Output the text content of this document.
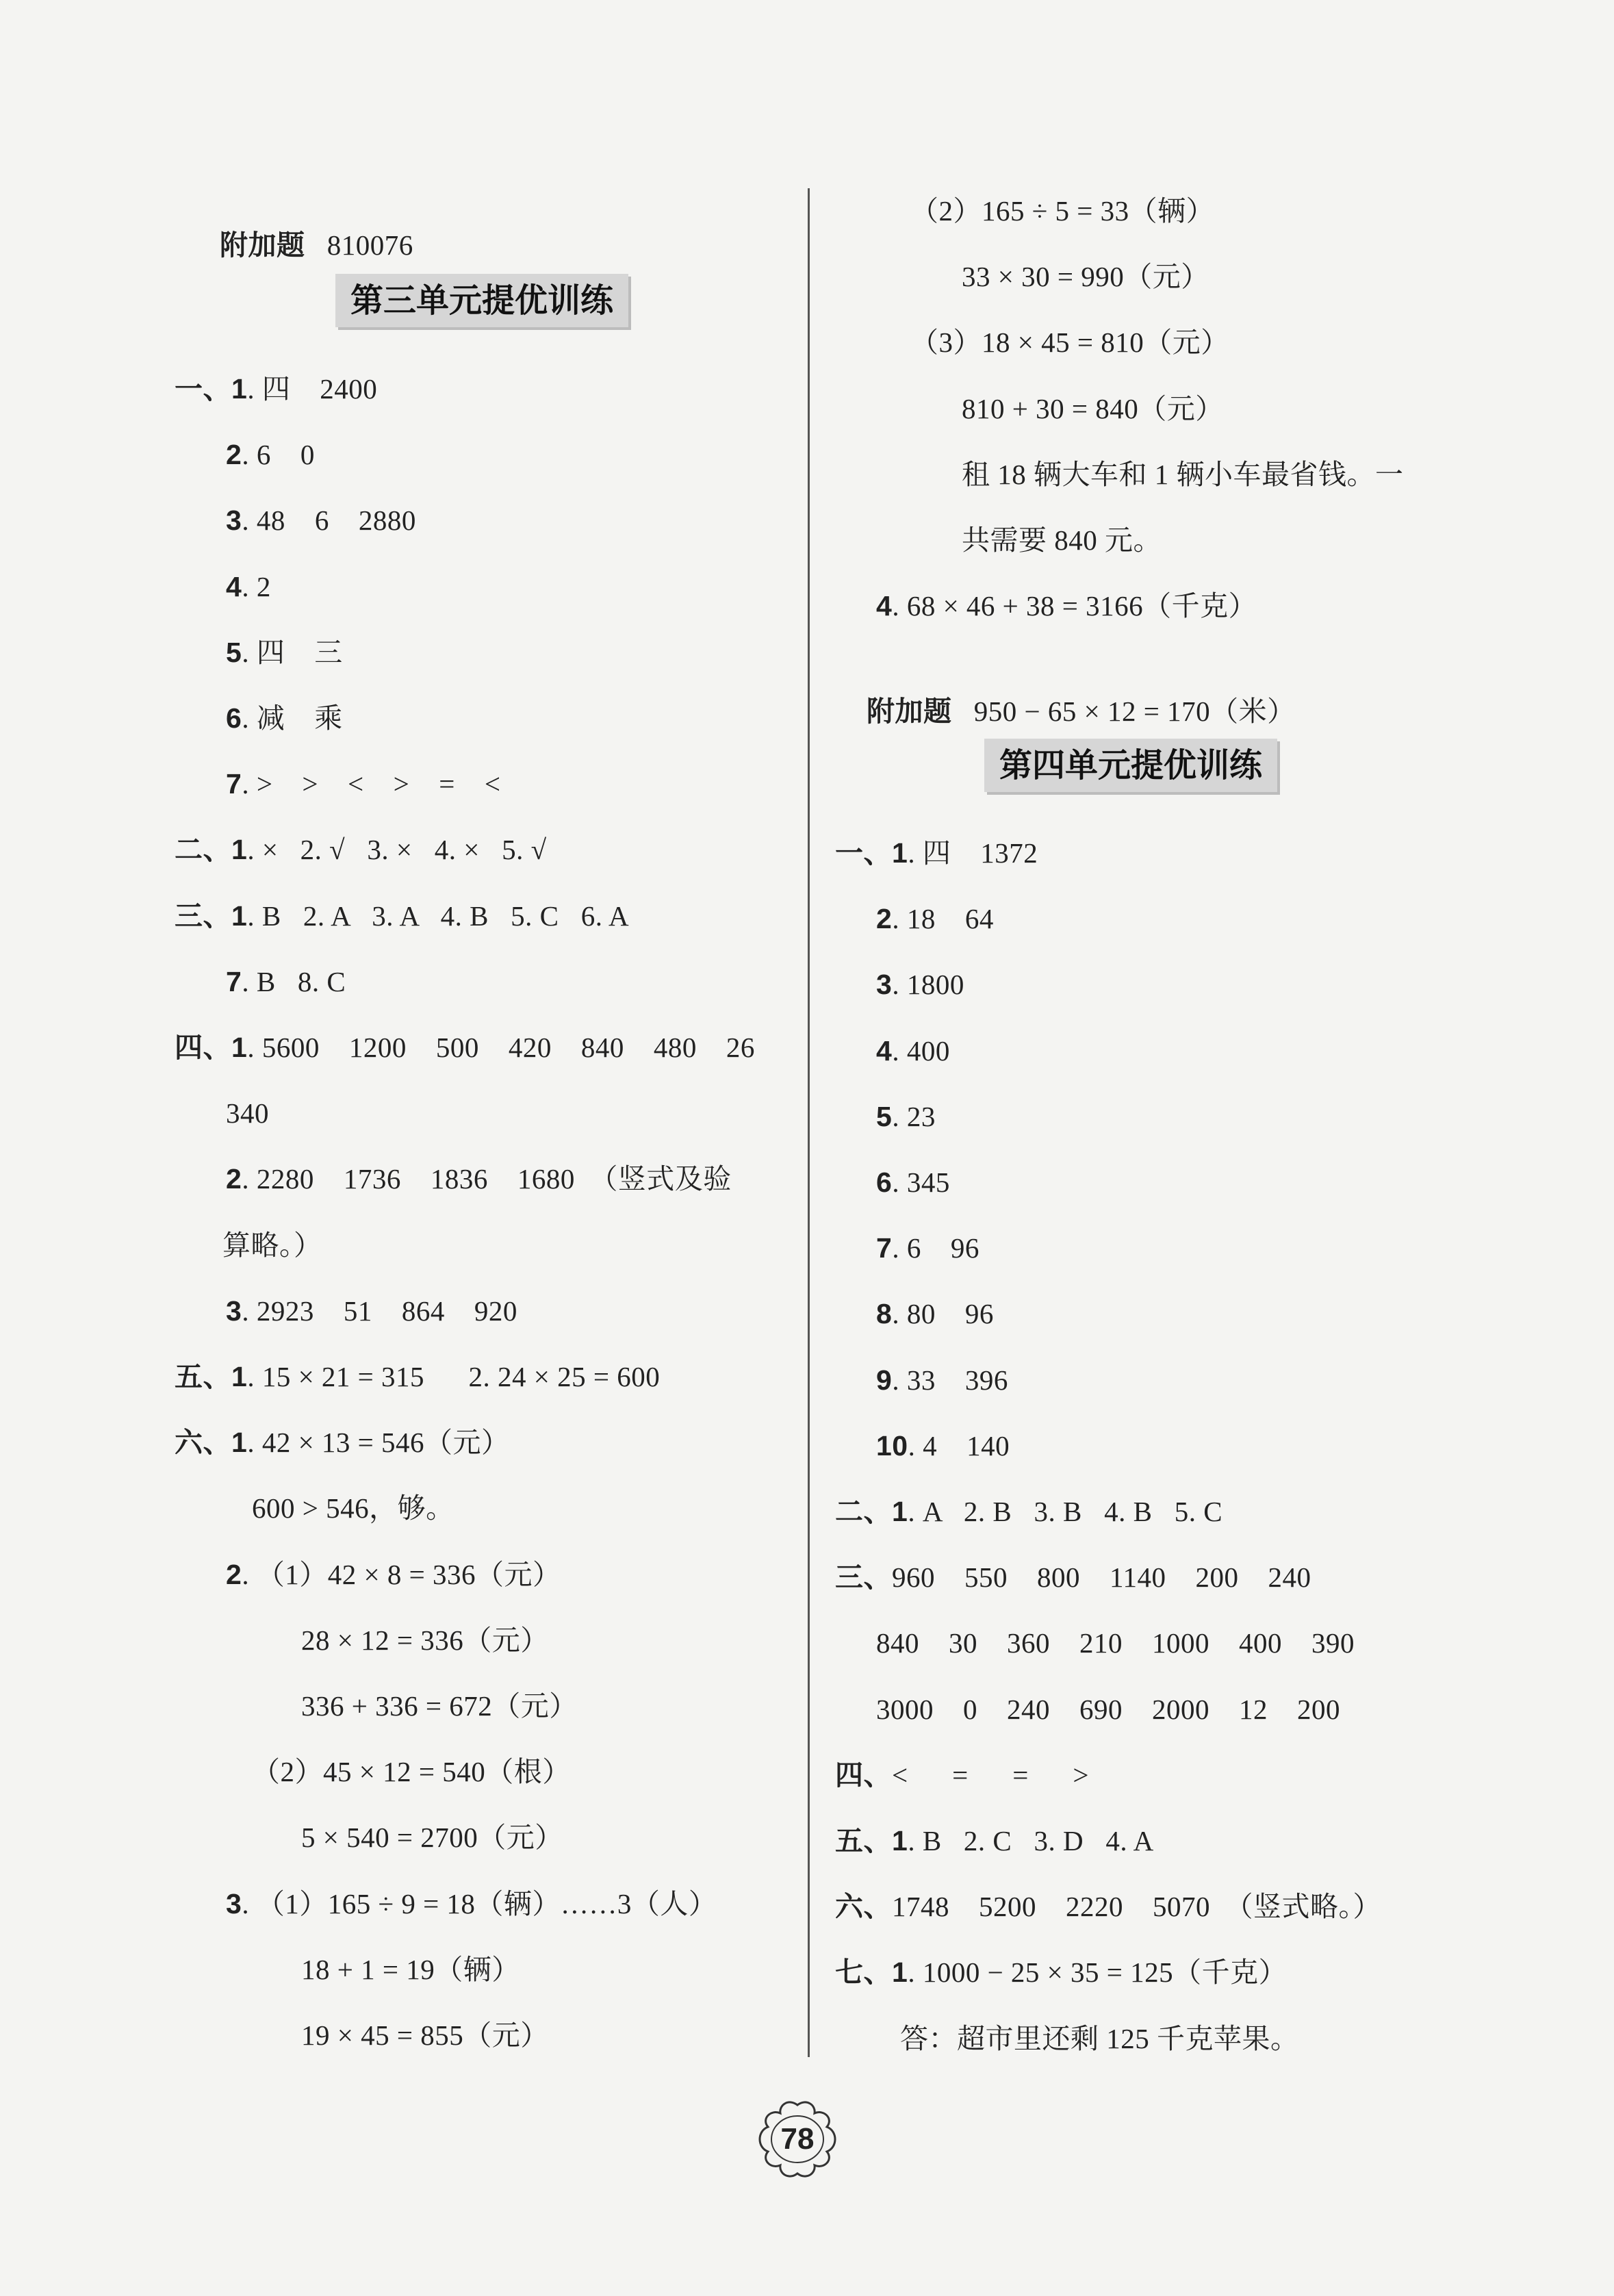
附加题 810076

第三单元提优训练
一、1. 四    2400
2. 6    0
3. 48    6    2880
4. 2
5. 四    三
6. 减    乘
7. >    >    <    >    =    <
二、1. ×   2. √   3. ×   4. ×   5. √
三、1. B   2. A   3. A   4. B   5. C   6. A
7. B   8. C
四、1. 5600    1200    500    420    840    480    26
340
2. 2280    1736    1836    1680  （竖式及验
算略。）
3. 2923    51    864    920
五、1. 15 × 21 = 315      2. 24 × 25 = 600
六、1. 42 × 13 = 546（元）
600 > 546，够。
2. （1）42 × 8 = 336（元）
28 × 12 = 336（元）
336 + 336 = 672（元）
（2）45 × 12 = 540（根）
5 × 540 = 2700（元）
3. （1）165 ÷ 9 = 18（辆）……3（人）
18 + 1 = 19（辆）
19 × 45 = 855（元）
（2）165 ÷ 5 = 33（辆）
33 × 30 = 990（元）
（3）18 × 45 = 810（元）
810 + 30 = 840（元）
租 18 辆大车和 1 辆小车最省钱。一
共需要 840 元。
4. 68 × 46 + 38 = 3166（千克）

附加题 950 − 65 × 12 = 170（米）

第四单元提优训练
一、1. 四    1372
2. 18    64
3. 1800
4. 400
5. 23
6. 345
7. 6    96
8. 80    96
9. 33    396
10. 4    140
二、1. A   2. B   3. B   4. B   5. C
三、960    550    800    1140    200    240
840    30    360    210    1000    400    390
3000    0    240    690    2000    12    200
四、<      =      =      >
五、1. B   2. C   3. D   4. A
六、1748    5200    2220    5070  （竖式略。）
七、1. 1000 − 25 × 35 = 125（千克）
答：超市里还剩 125 千克苹果。
78
